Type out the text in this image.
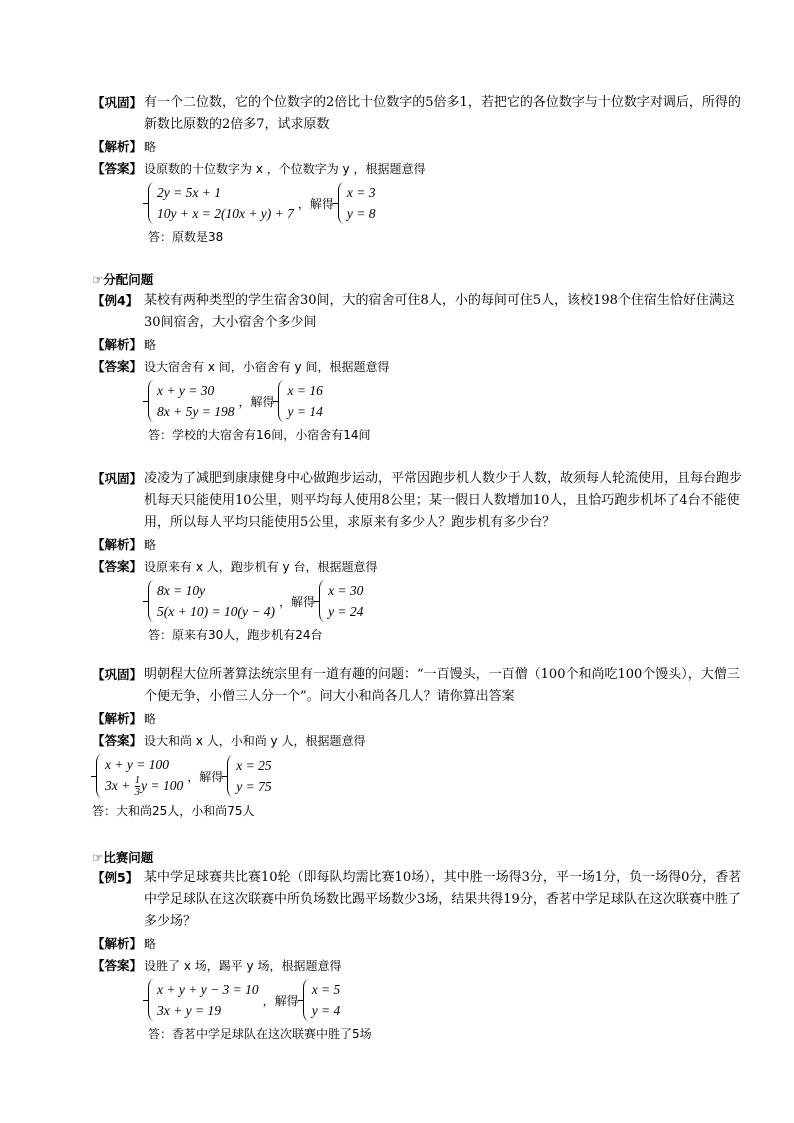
【巩固】 有一个二位数，它的个位数字的2倍比十位数字的5倍多1，若把它的各位数字与十位数字对调后，所得的新数比原数的2倍多7，试求原数
【解析】 略
【答案】 设原数的十位数字为 x ，个位数字为 y ，根据题意得
2y = 5x + 1
10y + x = 2(10x + y) + 7
，解得
x = 3
y = 8
答：原数是38
☞分配问题
【例4】 某校有两种类型的学生宿舍30间，大的宿舍可住8人，小的每间可住5人，该校198个住宿生恰好住满这30间宿舍，大小宿舍个多少间
【解析】 略
【答案】 设大宿舍有 x 间，小宿舍有 y 间，根据题意得
x + y = 30
8x + 5y = 198
，解得
x = 16
y = 14
答：学校的大宿舍有16间，小宿舍有14间
【巩固】 凌凌为了减肥到康康健身中心做跑步运动，平常因跑步机人数少于人数，故须每人轮流使用，且每台跑步机每天只能使用10公里，则平均每人使用8公里；某一假日人数增加10人，且恰巧跑步机坏了4台不能使用，所以每人平均只能使用5公里，求原来有多少人？跑步机有多少台？
【解析】 略
【答案】 设原来有 x 人，跑步机有 y 台，根据题意得
8x = 10y
5(x + 10) = 10(y − 4)
，解得
x = 30
y = 24
答：原来有30人，跑步机有24台
【巩固】 明朝程大位所著算法统宗里有一道有趣的问题：“一百馒头，一百僧（100个和尚吃100个馒头），大僧三个便无争，小僧三人分一个”。问大小和尚各几人？请你算出答案
【解析】 略
【答案】 设大和尚 x 人，小和尚 y 人，根据题意得
x + y = 100
$3x + \frac{1}{3}$ y = 100
，解得
x = 25
y = 75
答：大和尚25人，小和尚75人
☞比赛问题
【例5】 某中学足球赛共比赛10轮（即每队均需比赛10场），其中胜一场得3分，平一场1分，负一场得0分，香茗中学足球队在这次联赛中所负场数比踢平场数少3场，结果共得19分，香茗中学足球队在这次联赛中胜了多少场？
【解析】 略
【答案】 设胜了 x 场，踢平 y 场，根据题意得
x + y + y − 3 = 10
3x + y = 19
，解得
x = 5
y = 4
答：香茗中学足球队在这次联赛中胜了5场
